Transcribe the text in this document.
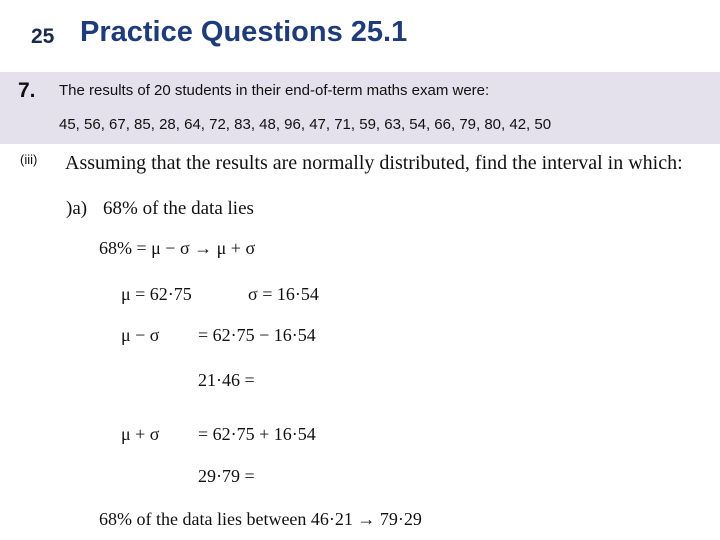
25 Practice Questions 25.1
7. The results of 20 students in their end-of-term maths exam were:
45, 56, 67, 85, 28, 64, 72, 83, 48, 96, 47, 71, 59, 63, 54, 66, 79, 80, 42, 50
(iii) Assuming that the results are normally distributed, find the interval in which:
)a) 68% of the data lies
68% = μ − σ → μ + σ
μ = 62·75	σ = 16·54
μ − σ = 62·75 − 16·54
21·46 =
μ + σ = 62·75 + 16·54
29·79 =
68% of the data lies between 46·21 → 79·29
